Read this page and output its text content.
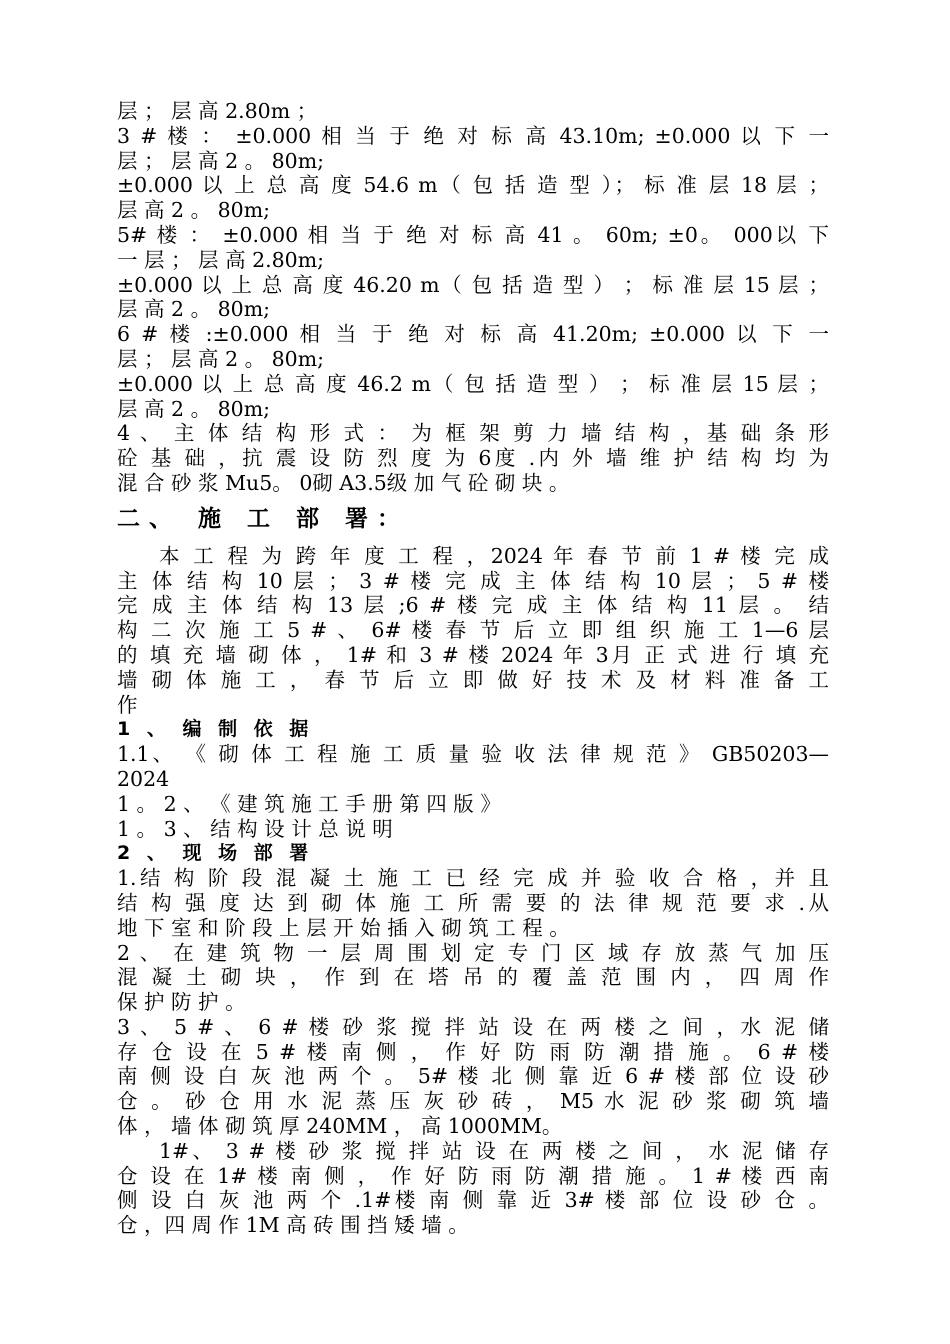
层 ； 层 高 2.80m ；
3 # 楼 ： ±0.000 相 当 于 绝 对 标 高 43.10m; ±0.000 以 下 一
层 ； 层 高 2 。 80m;
±0.000 以 上 总 高 度 54.6 m（ 包 括 造 型 ）； 标 准 层 18 层 ；
层 高 2 。 80m;
5# 楼 ： ±0.000 相 当 于 绝 对 标 高 41 。 60m; ±0。 000以 下
一 层 ； 层 高 2.80m;
±0.000 以 上 总 高 度 46.20 m（ 包 括 造 型 ） ； 标 准 层 15 层 ；
层 高 2 。 80m;
6 # 楼 :±0.000 相 当 于 绝 对 标 高 41.20m; ±0.000 以 下 一
层 ； 层 高 2 。 80m;
±0.000 以 上 总 高 度 46.2 m（ 包 括 造 型 ） ； 标 准 层 15 层 ；
层 高 2 。 80m;
4 、 主 体 结 构 形 式 ： 为 框 架 剪 力 墙 结 构 ，基 础 条 形
砼 基 础 ，抗 震 设 防 烈 度 为 6度 .内 外 墙 维 护 结 构 均 为
混 合 砂 浆 Mu5。 0砌 A3.5级 加 气 砼 砌 块 。
二、 施 工 部 署：
本 工 程 为 跨 年 度 工 程 ，2024 年 春 节 前 1 # 楼 完 成
主 体 结 构 10 层 ； 3 # 楼 完 成 主 体 结 构 10 层 ； 5 # 楼
完 成 主 体 结 构 13 层 ;6 # 楼 完 成 主 体 结 构 11 层 。 结
构 二 次 施 工 5 # 、 6# 楼 春 节 后 立 即 组 织 施 工 1—6 层
的 填 充 墙 砌 体 ， 1# 和 3 # 楼 2024 年 3月 正 式 进 行 填 充
墙 砌 体 施 工 ， 春 节 后 立 即 做 好 技 术 及 材 料 准 备 工
作
1 、 编 制 依 据
1.1、 《 砌 体 工 程 施 工 质 量 验 收 法 律 规 范 》 GB50203—
2024
1 。 2 、 《 建 筑 施 工 手 册 第 四 版 》
1 。 3 、 结 构 设 计 总 说 明
2 、 现 场 部 署
1.结 构 阶 段 混 凝 土 施 工 已 经 完 成 并 验 收 合 格 ，并 且
结 构 强 度 达 到 砌 体 施 工 所 需 要 的 法 律 规 范 要 求 .从
地 下 室 和 阶 段 上 层 开 始 插 入 砌 筑 工 程 。
2 、 在 建 筑 物 一 层 周 围 划 定 专 门 区 域 存 放 蒸 气 加 压
混 凝 土 砌 块 ， 作 到 在 塔 吊 的 覆 盖 范 围 内 ， 四 周 作
保 护 防 护 。
3 、 5 # 、 6 # 楼 砂 浆 搅 拌 站 设 在 两 楼 之 间 ，水 泥 储
存 仓 设 在 5 # 楼 南 侧 ， 作 好 防 雨 防 潮 措 施 。 6 # 楼
南 侧 设 白 灰 池 两 个 。 5# 楼 北 侧 靠 近 6 # 楼 部 位 设 砂
仓 。 砂 仓 用 水 泥 蒸 压 灰 砂 砖 ， M5 水 泥 砂 浆 砌 筑 墙
体 ， 墙 体 砌 筑 厚 240MM ， 高 1000MM。
1#、 3 # 楼 砂 浆 搅 拌 站 设 在 两 楼 之 间 ， 水 泥 储 存
仓 设 在 1# 楼 南 侧 ， 作 好 防 雨 防 潮 措 施 。 1 # 楼 西 南
侧 设 白 灰 池 两 个 .1#楼 南 侧 靠 近 3# 楼 部 位 设 砂 仓 。
仓 ，四 周 作 1M 高 砖 围 挡 矮 墙 。
